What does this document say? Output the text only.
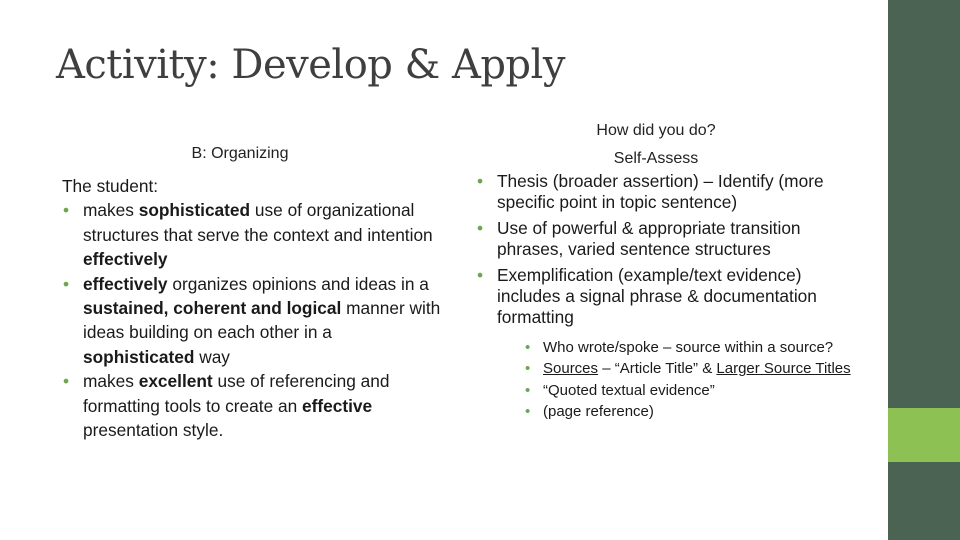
Activity: Develop & Apply
B: Organizing

The student:

• makes sophisticated use of organizational structures that serve the context and intention effectively
• effectively organizes opinions and ideas in a sustained, coherent and logical manner with ideas building on each other in a sophisticated way
• makes excellent use of referencing and formatting tools to create an effective presentation style.
How did you do?
Self-Assess
• Thesis (broader assertion) – Identify (more specific point in topic sentence)
• Use of powerful & appropriate transition phrases, varied sentence structures
• Exemplification (example/text evidence) includes a signal phrase & documentation formatting
• Who wrote/spoke – source within a source?
• Sources – “Article Title” & Larger Source Titles
• “Quoted textual evidence”
• (page reference)
